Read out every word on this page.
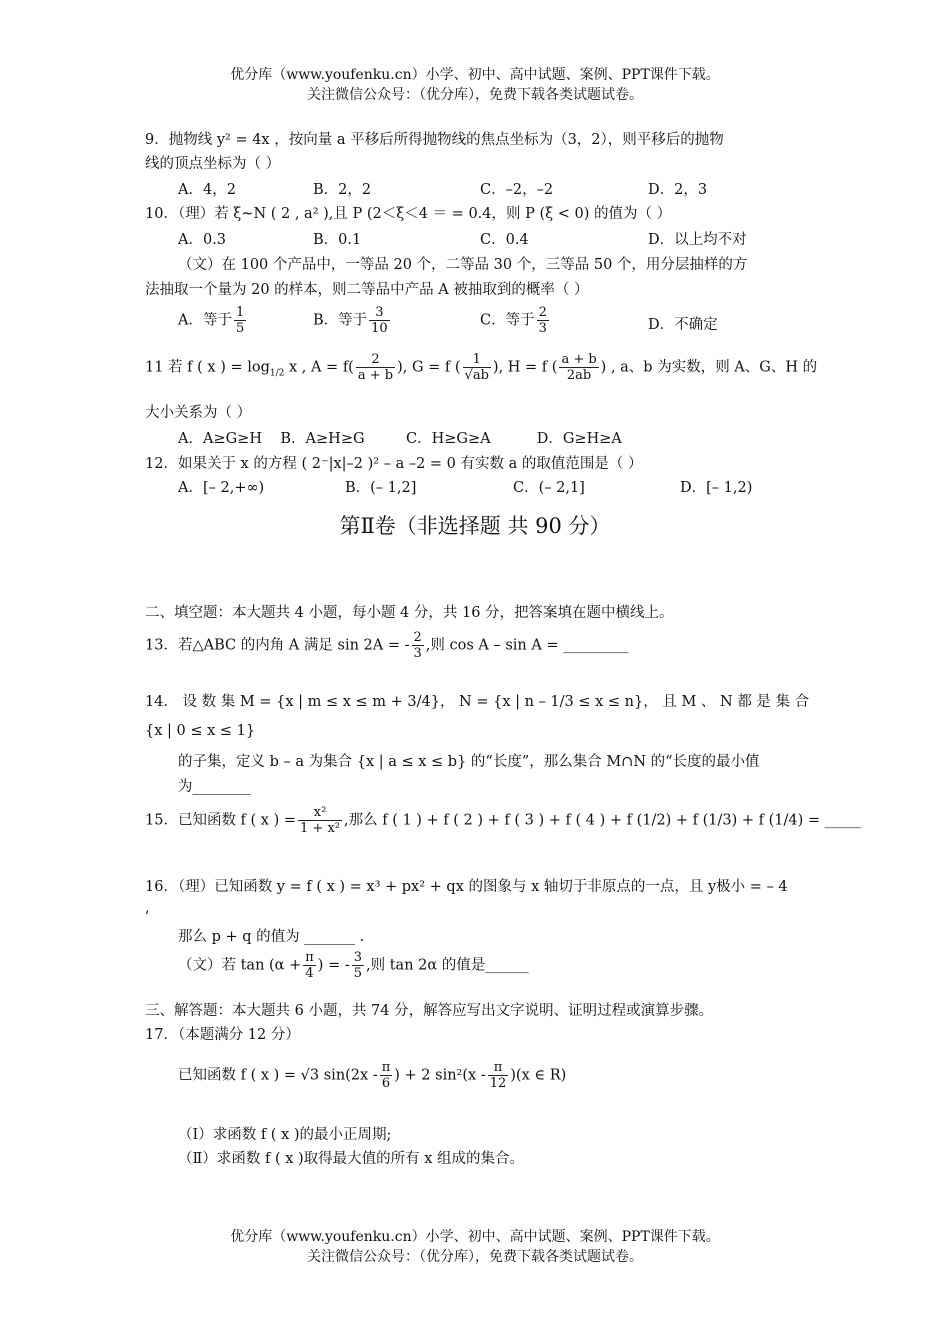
优分库（www.youfenku.cn）小学、初中、高中试题、案例、PPT课件下载。
关注微信公众号：（优分库），免费下载各类试题试卷。
9．抛物线 y² = 4x ，按向量 a 平移后所得抛物线的焦点坐标为（3，2），则平移后的抛物
线的顶点坐标为（ ）
A．4，2	B．2，2	C．–2，–2	D．2，3
10．（理）若 ξ~N ( 2 , a² ),且 P (2＜ξ＜4 ＝ = 0.4，则 P (ξ < 0) 的值为（ ）
A．0.3	B．0.1	C．0.4	D．以上均不对
（文）在 100 个产品中，一等品 20 个，二等品 30 个，三等品 50 个，用分层抽样的方
法抽取一个量为 20 的样本，则二等品中产品 A 被抽取到的概率（ ）
A．等于 $\frac{1}{5}$	B．等于 $\frac{3}{10}$	C．等于 $\frac{2}{3}$	D．不确定
11 若 f ( x ) = $\log_{1/2} x$ , $A = f( \frac{2}{a + b}$ ), G = f ( $\frac{1}{√ab}$ ), H = f ( $\frac{a + b}{2ab}$ ) , a、b 为实数，则 A、G、H 的
大小关系为（ ）
A．A≥G≥H    B．A≥H≥G         C．H≥G≥A          D．G≥H≥A
12．如果关于 x 的方程 ( 2⁻|x|–2 )² – a –2 = 0 有实数 a 的取值范围是（ ）
A．[– 2,+∞)	B．(– 1,2]	C．(– 2,1]	D．[– 1,2)
第Ⅱ卷（非选择题 共 90 分）
二、填空题：本大题共 4 小题，每小题 4 分，共 16 分，把答案填在题中横线上。
13．若△ABC 的内角 A 满足 sin 2A = - $\frac{2}{3}$ ,则 cos A – sin A = _________
14． 设 数 集 M = {x | m ≤ x ≤ m + 3/4}， N = {x | n – 1/3 ≤ x ≤ n}， 且 M 、 N 都 是 集 合
{x | 0 ≤ x ≤ 1}
的子集，定义 b – a 为集合 {x | a ≤ x ≤ b} 的“长度”，那么集合 M∩N 的“长度的最小值
为________
15．已知函数 f ( x ) = $\frac{\text{x²}}{\text{1 + x²}}$ ,那么 f ( 1 ) + f ( 2 ) + f ( 3 ) + f ( 4 ) + f (1/2) + f (1/3) + f (1/4) = _____
16．（理）已知函数 y = f ( x ) = x³ + px² + qx 的图象与 x 轴切于非原点的一点，且 y极小 = – 4
,
那么 p + q 的值为 _______ .
（文）若 $\tan (\alpha + \frac{\pi}{4}$ ) = - $\frac{3}{5}$ ,则 tan 2α 的值是______
三、解答题：本大题共 6 小题，共 74 分，解答应写出文字说明、证明过程或演算步骤。
17．（本题满分 12 分）
已知函数 f ( x ) = √3 $\sin(2x - \frac{\pi}{6}$ ) + 2 $\sin^2(x - \frac{\pi}{12} )(x$ ∈ R)
（Ⅰ）求函数 f ( x )的最小正周期;
（Ⅱ）求函数 f ( x )取得最大值的所有 x 组成的集合。
优分库（www.youfenku.cn）小学、初中、高中试题、案例、PPT课件下载。
关注微信公众号：（优分库），免费下载各类试题试卷。
